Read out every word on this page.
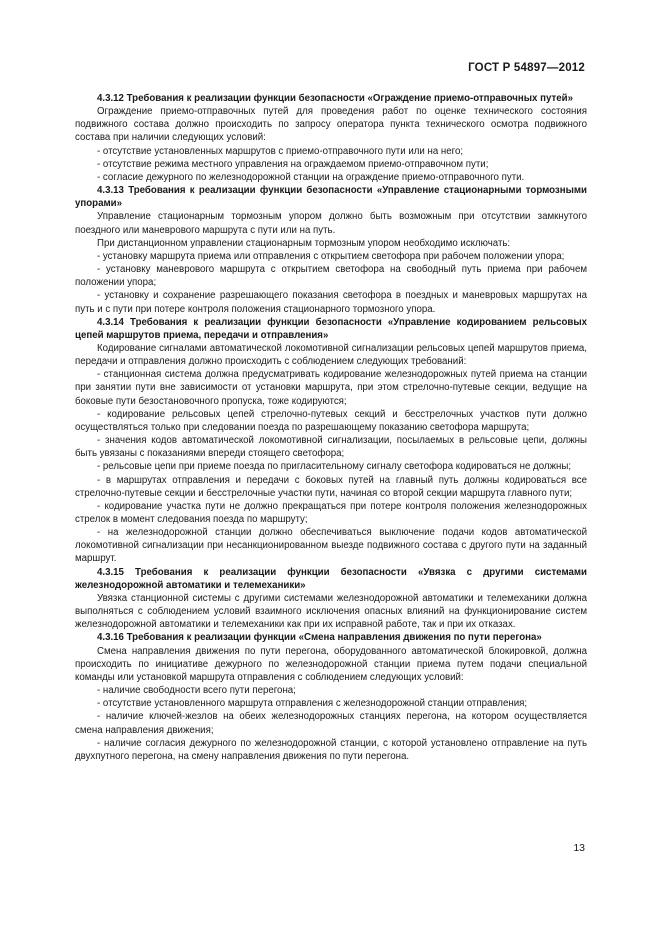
ГОСТ Р 54897—2012

4.3.12 Требования к реализации функции безопасности «Ограждение приемо-отправочных путей»

Ограждение приемо-отправочных путей для проведения работ по оценке технического состояния подвижного состава должно происходить по запросу оператора пункта технического осмотра подвижного состава при наличии следующих условий:

- отсутствие установленных маршрутов с приемо-отправочного пути или на него;

- отсутствие режима местного управления на ограждаемом приемо-отправочном пути;

- согласие дежурного по железнодорожной станции на ограждение приемо-отправочного пути.

4.3.13 Требования к реализации функции безопасности «Управление стационарными тормозными упорами»

Управление стационарным тормозным упором должно быть возможным при отсутствии замкнутого поездного или маневрового маршрута с пути или на путь.

При дистанционном управлении стационарным тормозным упором необходимо исключать:

- установку маршрута приема или отправления с открытием светофора при рабочем положении упора;

- установку маневрового маршрута с открытием светофора на свободный путь приема при рабочем положении упора;

- установку и сохранение разрешающего показания светофора в поездных и маневровых маршрутах на путь и с пути при потере контроля положения стационарного тормозного упора.

4.3.14 Требования к реализации функции безопасности «Управление кодированием рельсовых цепей маршрутов приема, передачи и отправления»

Кодирование сигналами автоматической локомотивной сигнализации рельсовых цепей маршрутов приема, передачи и отправления должно происходить с соблюдением следующих требований:

- станционная система должна предусматривать кодирование железнодорожных путей приема на станции при занятии пути вне зависимости от установки маршрута, при этом стрелочно-путевые секции, ведущие на боковые пути безостановочного пропуска, тоже кодируются;

- кодирование рельсовых цепей стрелочно-путевых секций и бесстрелочных участков пути должно осуществляться только при следовании поезда по разрешающему показанию светофора маршрута;

- значения кодов автоматической локомотивной сигнализации, посылаемых в рельсовые цепи, должны быть увязаны с показаниями впереди стоящего светофора;

- рельсовые цепи при приеме поезда по пригласительному сигналу светофора кодироваться не должны;

- в маршрутах отправления и передачи с боковых путей на главный путь должны кодироваться все стрелочно-путевые секции и бесстрелочные участки пути, начиная со второй секции маршрута главного пути;

- кодирование участка пути не должно прекращаться при потере контроля положения железнодорожных стрелок в момент следования поезда по маршруту;

- на железнодорожной станции должно обеспечиваться выключение подачи кодов автоматической локомотивной сигнализации при несанкционированном выезде подвижного состава с другого пути на заданный маршрут.

4.3.15 Требования к реализации функции безопасности «Увязка с другими системами железнодорожной автоматики и телемеханики»

Увязка станционной системы с другими системами железнодорожной автоматики и телемеханики должна выполняться с соблюдением условий взаимного исключения опасных влияний на функционирование систем железнодорожной автоматики и телемеханики как при их исправной работе, так и при их отказах.

4.3.16 Требования к реализации функции «Смена направления движения по пути перегона»

Смена направления движения по пути перегона, оборудованного автоматической блокировкой, должна происходить по инициативе дежурного по железнодорожной станции приема путем подачи специальной команды или установкой маршрута отправления с соблюдением следующих условий:

- наличие свободности всего пути перегона;

- отсутствие установленного маршрута отправления с железнодорожной станции отправления;

- наличие ключей-жезлов на обеих железнодорожных станциях перегона, на котором осуществляется смена направления движения;

- наличие согласия дежурного по железнодорожной станции, с которой установлено отправление на путь двухпутного перегона, на смену направления движения по пути перегона.

13
